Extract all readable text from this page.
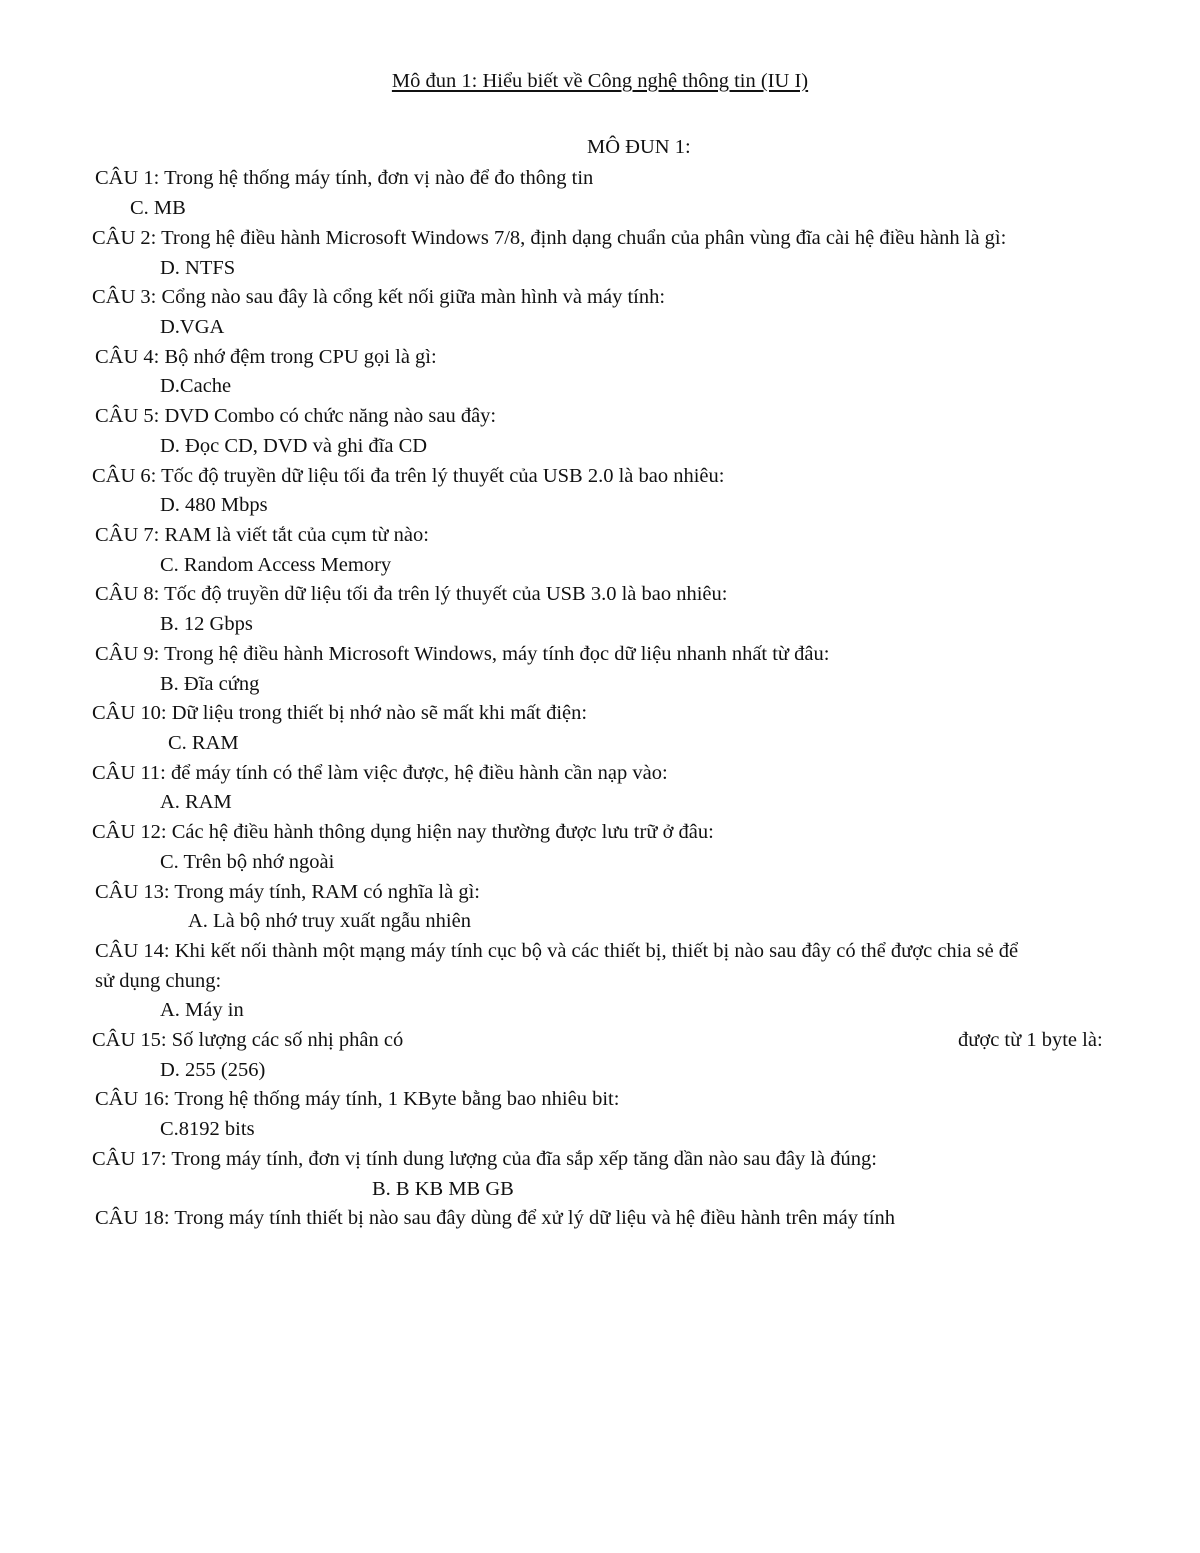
Mô đun 1: Hiểu biết về Công nghệ thông tin (IU I)
MÔ ĐUN 1:
CÂU 1: Trong hệ thống máy tính, đơn vị nào để đo thông tin
C. MB
CÂU 2: Trong hệ điều hành Microsoft Windows 7/8, định dạng chuẩn của phân vùng đĩa cài hệ điều hành là gì:
D. NTFS
CÂU 3: Cổng nào sau đây là cổng kết nối giữa màn hình và máy tính:
D.VGA
CÂU 4: Bộ nhớ đệm trong CPU gọi là gì:
D.Cache
CÂU 5: DVD Combo có chức năng nào sau đây:
D. Đọc CD, DVD và ghi đĩa CD
CÂU 6: Tốc độ truyền dữ liệu tối đa trên lý thuyết của USB 2.0 là bao nhiêu:
D. 480 Mbps
CÂU 7: RAM là viết tắt của cụm từ nào:
C. Random Access Memory
CÂU 8: Tốc độ truyền dữ liệu tối đa trên lý thuyết của USB 3.0 là bao nhiêu:
B. 12 Gbps
CÂU 9: Trong hệ điều hành Microsoft Windows, máy tính đọc dữ liệu nhanh nhất từ đâu:
B. Đĩa cứng
CÂU 10: Dữ liệu trong thiết bị nhớ nào sẽ mất khi mất điện:
C. RAM
CÂU 11: để máy tính có thể làm việc được, hệ điều hành cần nạp vào:
A. RAM
CÂU 12: Các hệ điều hành thông dụng hiện nay thường được lưu trữ ở đâu:
C. Trên bộ nhớ ngoài
CÂU 13: Trong máy tính, RAM có nghĩa là gì:
A. Là bộ nhớ truy xuất ngẫu nhiên
CÂU 14: Khi kết nối thành một mạng máy tính cục bộ và các thiết bị, thiết bị nào sau đây có thể được chia sẻ để
sử dụng chung:
A. Máy in
CÂU 15: Số lượng các số nhị phân có	được từ 1 byte là:
D. 255 (256)
CÂU 16: Trong hệ thống máy tính, 1 KByte bằng bao nhiêu bit:
C.8192 bits
CÂU 17: Trong máy tính, đơn vị tính dung lượng của đĩa sắp xếp tăng dần nào sau đây là đúng:
B. B KB MB GB
CÂU 18: Trong máy tính thiết bị nào sau đây dùng để xử lý dữ liệu và hệ điều hành trên máy tính
